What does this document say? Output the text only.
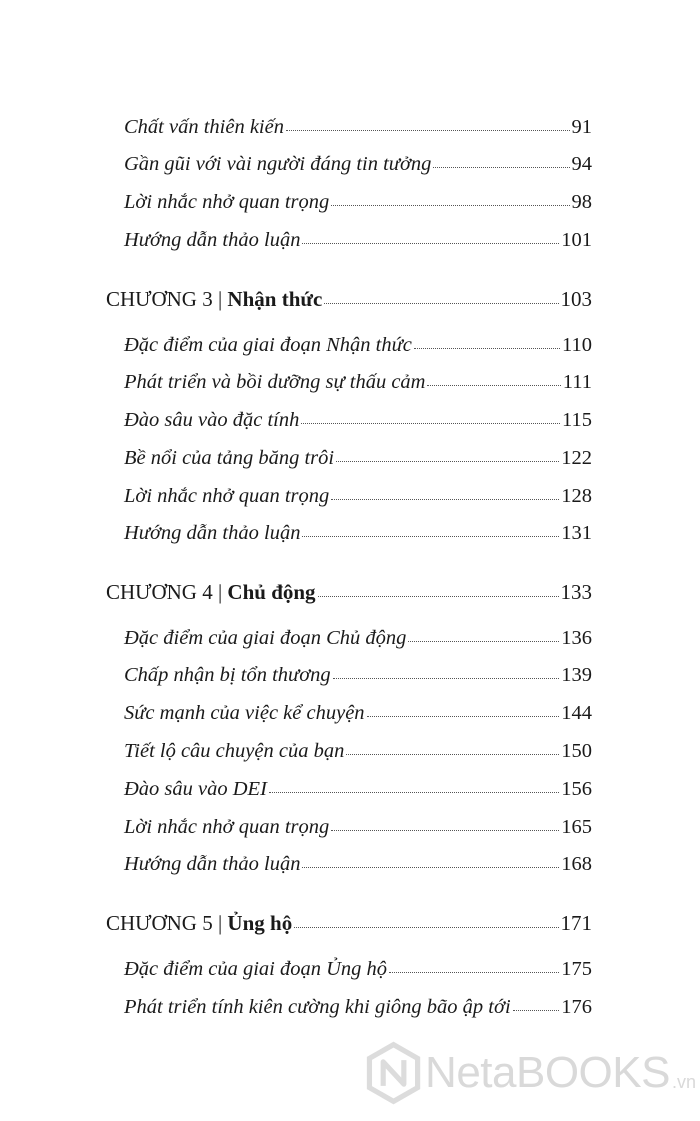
Chất vấn thiên kiến	91
Gần gũi với vài người đáng tin tưởng	94
Lời nhắc nhở quan trọng	98
Hướng dẫn thảo luận	101
CHƯƠNG 3 | Nhận thức	103
Đặc điểm của giai đoạn Nhận thức	110
Phát triển và bồi dưỡng sự thấu cảm	111
Đào sâu vào đặc tính	115
Bề nổi của tảng băng trôi	122
Lời nhắc nhở quan trọng	128
Hướng dẫn thảo luận	131
CHƯƠNG 4 | Chủ động	133
Đặc điểm của giai đoạn Chủ động	136
Chấp nhận bị tổn thương	139
Sức mạnh của việc kể chuyện	144
Tiết lộ câu chuyện của bạn	150
Đào sâu vào DEI	156
Lời nhắc nhở quan trọng	165
Hướng dẫn thảo luận	168
CHƯƠNG 5 | Ủng hộ	171
Đặc điểm của giai đoạn Ủng hộ	175
Phát triển tính kiên cường khi giông bão ập tới 176
NetaBOOKS .vn
